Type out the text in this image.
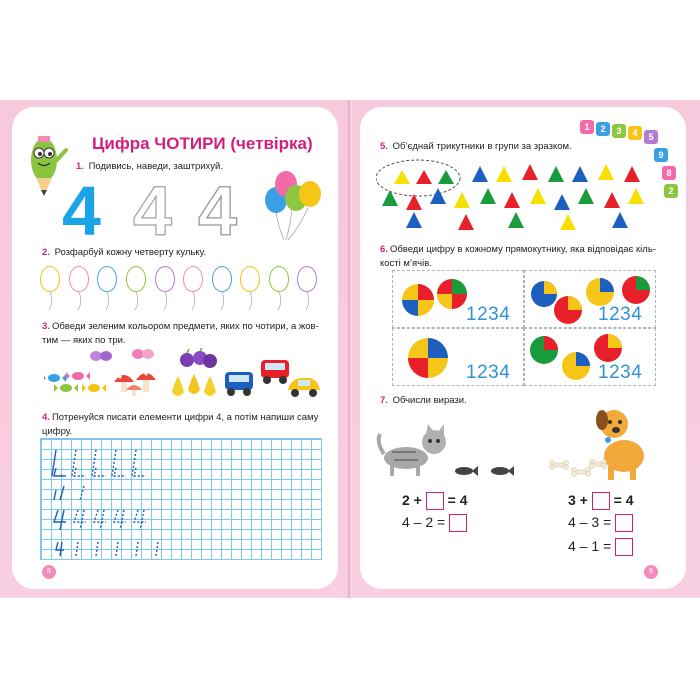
Цифра ЧОТИРИ (четвірка)
1. Подивись, наведи, заштрихуй.
4 4 4
2. Розфарбуй кожну четверту кульку.
3. Обведи зеленим кольором предмети, яких по чотири, а жов-
тим — яких по три.
4. Потренуйся писати елементи цифри 4, а потім напиши саму
цифру.
8
1	2	3	4	5
9
8
2
5. Об’єднай трикутники в групи за зразком.
6. Обведи цифру в кожному прямокутнику, яка відповідає кіль-
кості м’ячів.
1234	1234
1234	1234
7. Обчисли вирази.
2 + = 4
4 – 2 =
3 + = 4
4 – 3 =
4 – 1 =
9
